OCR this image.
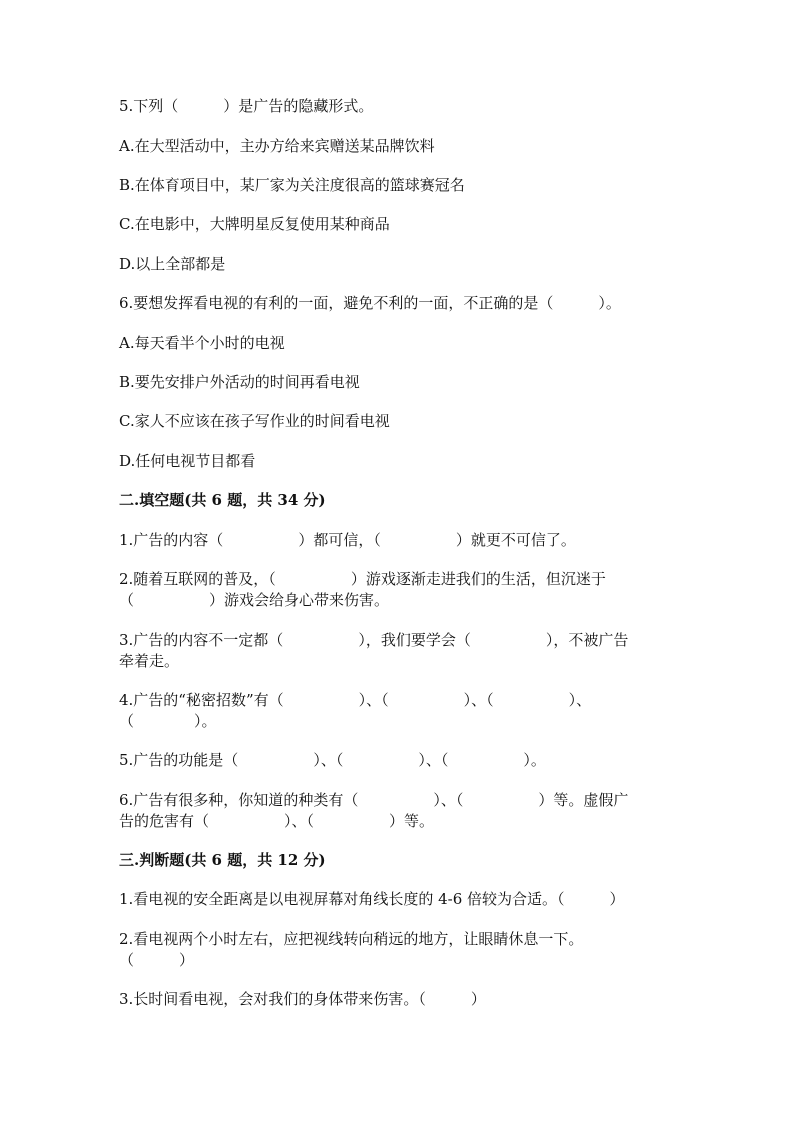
5.下列（　　　）是广告的隐藏形式。
A.在大型活动中，主办方给来宾赠送某品牌饮料
B.在体育项目中，某厂家为关注度很高的篮球赛冠名
C.在电影中，大牌明星反复使用某种商品
D.以上全部都是
6.要想发挥看电视的有利的一面，避免不利的一面，不正确的是（　　　）。
A.每天看半个小时的电视
B.要先安排户外活动的时间再看电视
C.家人不应该在孩子写作业的时间看电视
D.任何电视节目都看
二.填空题(共 6 题，共 34 分)
1.广告的内容（　　　　　）都可信，（　　　　　）就更不可信了。
2.随着互联网的普及，（　　　　　）游戏逐渐走进我们的生活，但沉迷于
（　　　　　）游戏会给身心带来伤害。
3.广告的内容不一定都（　　　　　），我们要学会（　　　　　），不被广告
牵着走。
4.广告的“秘密招数”有（　　　　　）、（　　　　　）、（　　　　　）、
（　　　　）。
5.广告的功能是（　　　　　）、（　　　　　）、（　　　　　）。
6.广告有很多种，你知道的种类有（　　　　　）、（　　　　　）等。虚假广
告的危害有（　　　　　）、（　　　　　）等。
三.判断题(共 6 题，共 12 分)
1.看电视的安全距离是以电视屏幕对角线长度的 4-6 倍较为合适。（　　　）
2.看电视两个小时左右，应把视线转向稍远的地方，让眼睛休息一下。
（　　　）
3.长时间看电视，会对我们的身体带来伤害。（　　　）
